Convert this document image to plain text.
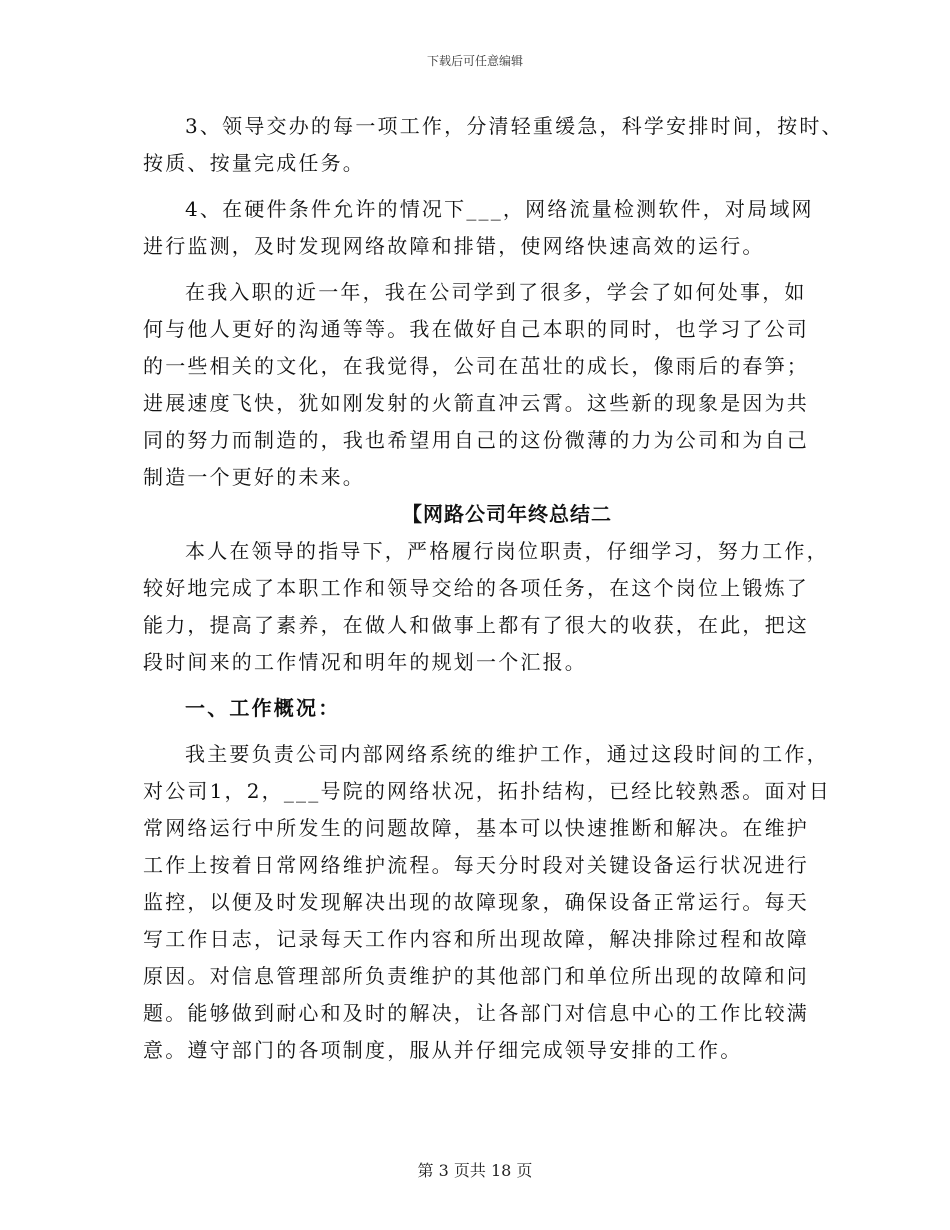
下载后可任意编辑
3、领导交办的每一项工作，分清轻重缓急，科学安排时间，按时、
按质、按量完成任务。
4、在硬件条件允许的情况下___，网络流量检测软件，对局域网
进行监测，及时发现网络故障和排错，使网络快速高效的运行。
在我入职的近一年，我在公司学到了很多，学会了如何处事，如
何与他人更好的沟通等等。我在做好自己本职的同时，也学习了公司
的一些相关的文化，在我觉得，公司在茁壮的成长，像雨后的春笋；
进展速度飞快，犹如刚发射的火箭直冲云霄。这些新的现象是因为共
同的努力而制造的，我也希望用自己的这份微薄的力为公司和为自己
制造一个更好的未来。
【网路公司年终总结二
本人在领导的指导下，严格履行岗位职责，仔细学习，努力工作，
较好地完成了本职工作和领导交给的各项任务，在这个岗位上锻炼了
能力，提高了素养，在做人和做事上都有了很大的收获，在此，把这
段时间来的工作情况和明年的规划一个汇报。
一、工作概况：
我主要负责公司内部网络系统的维护工作，通过这段时间的工作，
对公司1，2，___号院的网络状况，拓扑结构，已经比较熟悉。面对日
常网络运行中所发生的问题故障，基本可以快速推断和解决。在维护
工作上按着日常网络维护流程。每天分时段对关键设备运行状况进行
监控，以便及时发现解决出现的故障现象，确保设备正常运行。每天
写工作日志，记录每天工作内容和所出现故障，解决排除过程和故障
原因。对信息管理部所负责维护的其他部门和单位所出现的故障和问
题。能够做到耐心和及时的解决，让各部门对信息中心的工作比较满
意。遵守部门的各项制度，服从并仔细完成领导安排的工作。
第 3 页共 18 页
